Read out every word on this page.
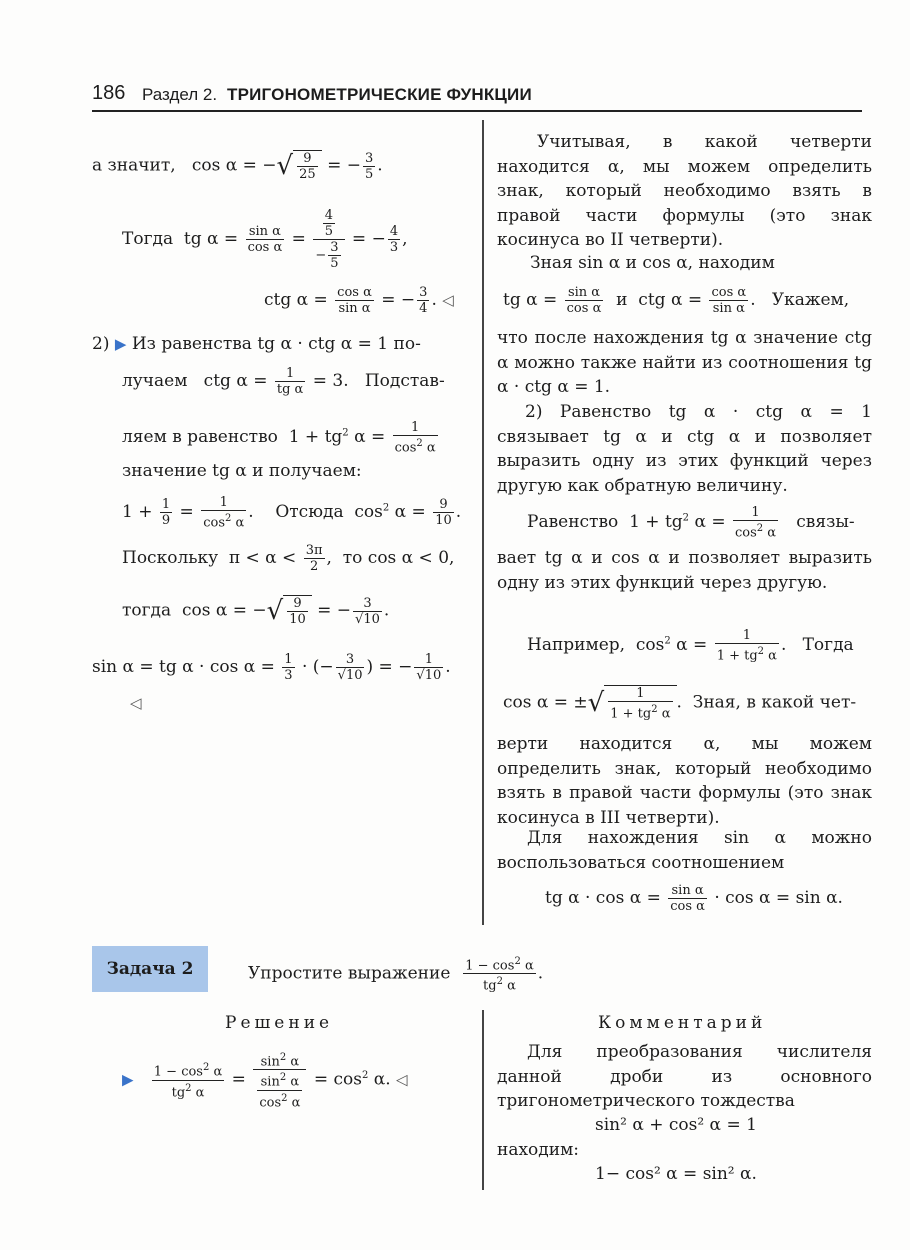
186 Раздел 2. ТРИГОНОМЕТРИЧЕСКИЕ ФУНКЦИИ
а значит, cos α = −√ $\frac{9}{25}$ = − $\frac{3}{5}$ .
Тогда  tg $\alpha = \frac{\text{sin α}}{\text{cos α}} = \frac{\frac{4}{5}}{- \frac{3}{5}}$ = − $\frac{4}{3}$ ,
ctg $\alpha = \frac{\text{cos α}}{\text{sin α}}$ = − $\frac{3}{4}$ . ◁
2) ▶ Из равенства tg α · ctg α = 1 по-
лучаем   ctg $\alpha = \frac{1}{\text{tg α}} = 3$.   Подстав-
ляем в равенство  $1 + tg^2$ $\alpha = \frac{1}{\cos^2 \alpha}$
значение tg α и получаем:
$1 + \frac{1}{9} = \frac{1}{\cos^2 \alpha}$ .    Отсюда  $\cos^2 \alpha = \frac{9}{10}$ .
Поскольку  $\pi < \alpha < \frac{3\pi}{2}$ ,  то cos α < 0,
тогда  cos α = −√ $\frac{9}{10}$ = − $\frac{3}{√10}$ .
sin α = tg $\alpha \cdot \cos \alpha = \frac{1}{3}$ · (− $\frac{3}{√10}$ ) = − $\frac{1}{√10}$ .
◁
Учитывая, в какой четверти находится α, мы можем определить знак, который необходимо взять в правой части формулы (это знак косинуса во II четверти).
Зная sin α и cos α, находим
tg $\alpha = \frac{\text{sin α}}{\text{cos α}}$ и  ctg $\alpha = \frac{\text{cos α}}{\text{sin α}}$ .   Укажем,
что после нахождения tg α значение ctg α можно также найти из соотношения tg α · ctg α = 1.
2) Равенство tg α · ctg α = 1 связывает tg α и ctg α и позволяет выразить одну из этих функций через другую как обратную величину.
Равенство  $1 + tg^2$ $\alpha = \frac{1}{\cos^2 \alpha}$ связы-
вает tg α и cos α и позволяет выразить одну из этих функций через другую.
Например,  $\cos^2 \alpha = \frac{1}{1 + tg^2 \alpha}$ .   Тогда
cos α = ±√ $\frac{1}{1 + tg^2 \alpha}$ .  Зная, в какой чет-
верти находится α, мы можем определить знак, который необходимо взять в правой части формулы (это знак косинуса в III четверти).
Для нахождения sin α можно воспользоваться соотношением
tg $\alpha \cdot \cos \alpha = \frac{\text{sin α}}{\text{cos α}} \cdot \cos \alpha = \sin \alpha$.
Задача 2	Упростите выражение $\frac{1 - \cos^2 \alpha}{tg^2 \alpha}$ .
Решение	Комментарий
▶ $\frac{1 - \cos^2 \alpha}{tg^2 \alpha} = \frac{\sin^2 \alpha}{\frac{\sin^2 \alpha}{\cos^2 \alpha}} = \cos^2 \alpha$. ◁
Для преобразования числителя данной дроби из основного тригонометрического тождества
sin² α + cos² α = 1
находим:
1− cos² α = sin² α.
